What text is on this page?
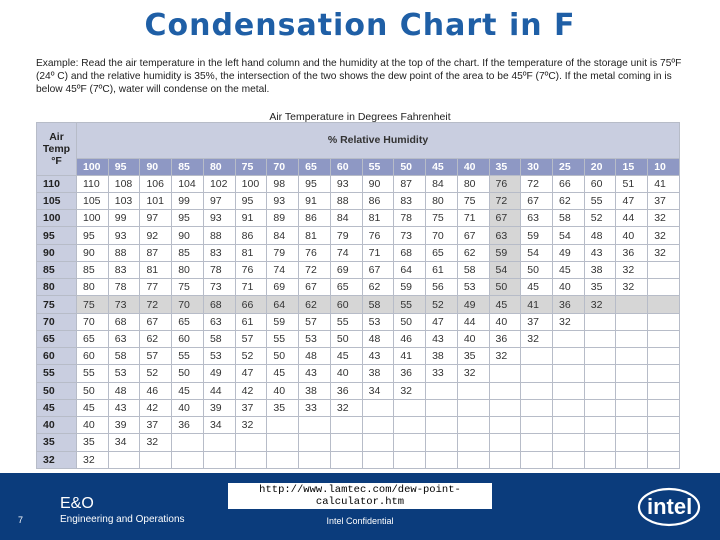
Condensation Chart in F
Example: Read the air temperature in the left hand column and the humidity at the top of the chart. If the temperature of the storage unit is 75ºF (24º C) and the relative humidity is 35%, the intersection of the two shows the dew point of the area to be 45ºF (7ºC). If the metal coming in is below 45ºF (7ºC), water will condense on the metal.
Air Temperature in Degrees Fahrenheit
Air
Temp
°F	% Relative Humidity																		
	100	95	90	85	80	75	70	65	60	55	50	45	40	35	30	25	20	15	10
110	110	108	106	104	102	100	98	95	93	90	87	84	80	76	72	66	60	51	41
105	105	103	101	99	97	95	93	91	88	86	83	80	75	72	67	62	55	47	37
100	100	99	97	95	93	91	89	86	84	81	78	75	71	67	63	58	52	44	32
95	95	93	92	90	88	86	84	81	79	76	73	70	67	63	59	54	48	40	32
90	90	88	87	85	83	81	79	76	74	71	68	65	62	59	54	49	43	36	32
85	85	83	81	80	78	76	74	72	69	67	64	61	58	54	50	45	38	32	
80	80	78	77	75	73	71	69	67	65	62	59	56	53	50	45	40	35	32	
75	75	73	72	70	68	66	64	62	60	58	55	52	49	45	41	36	32		
70	70	68	67	65	63	61	59	57	55	53	50	47	44	40	37	32			
65	65	63	62	60	58	57	55	53	50	48	46	43	40	36	32				
60	60	58	57	55	53	52	50	48	45	43	41	38	35	32					
55	55	53	52	50	49	47	45	43	40	38	36	33	32						
50	50	48	46	45	44	42	40	38	36	34	32								
45	45	43	42	40	39	37	35	33	32										
40	40	39	37	36	34	32													
35	35	34	32																
32	32																		
7
E&O
Engineering and Operations
http://www.lamtec.com/dew-point-calculator.htm
Intel Confidential
intel
